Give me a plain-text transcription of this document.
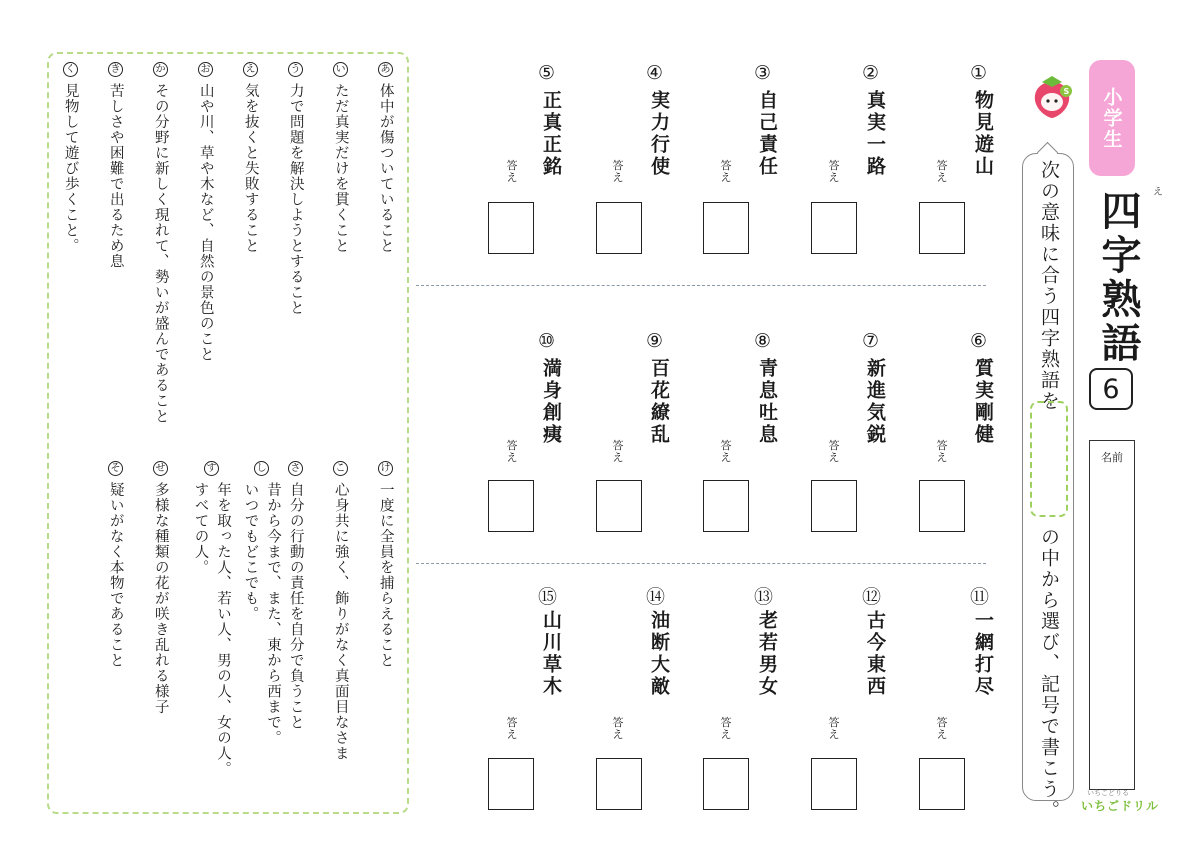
小学生
え
四字熟語
6
名前
いちごどりる
いちごドリル
S
次の意味に合う四字熟語を
の中から選び、記号で書こう。
①
物見遊山
答え
②
真実一路
答え
③
自己責任
答え
④
実力行使
答え
⑤
正真正銘
答え
⑥
質実剛健
答え
⑦
新進気鋭
答え
⑧
青息吐息
答え
⑨
百花繚乱
答え
⑩
満身創痍
答え
⑪
一網打尽
答え
⑫
古今東西
答え
⑬
老若男女
答え
⑭
油断大敵
答え
⑮
山川草木
答え
あ
体中が傷ついていること
い
ただ真実だけを貫くこと
う
力で問題を解決しようとすること
え
気を抜くと失敗すること
お
山や川、草や木など、自然の景色のこと
か
その分野に新しく現れて、勢いが盛んであること
き
苦しさや困難で出るため息
く
見物して遊び歩くこと。
け
一度に全員を捕らえること
こ
心身共に強く、飾りがなく真面目なさま
さ
自分の行動の責任を自分で負うこと
し
昔から今まで、また、東から西まで。
いつでもどこでも。
す
年を取った人、若い人、男の人、女の人。
すべての人。
せ
多様な種類の花が咲き乱れる様子
そ
疑いがなく本物であること
